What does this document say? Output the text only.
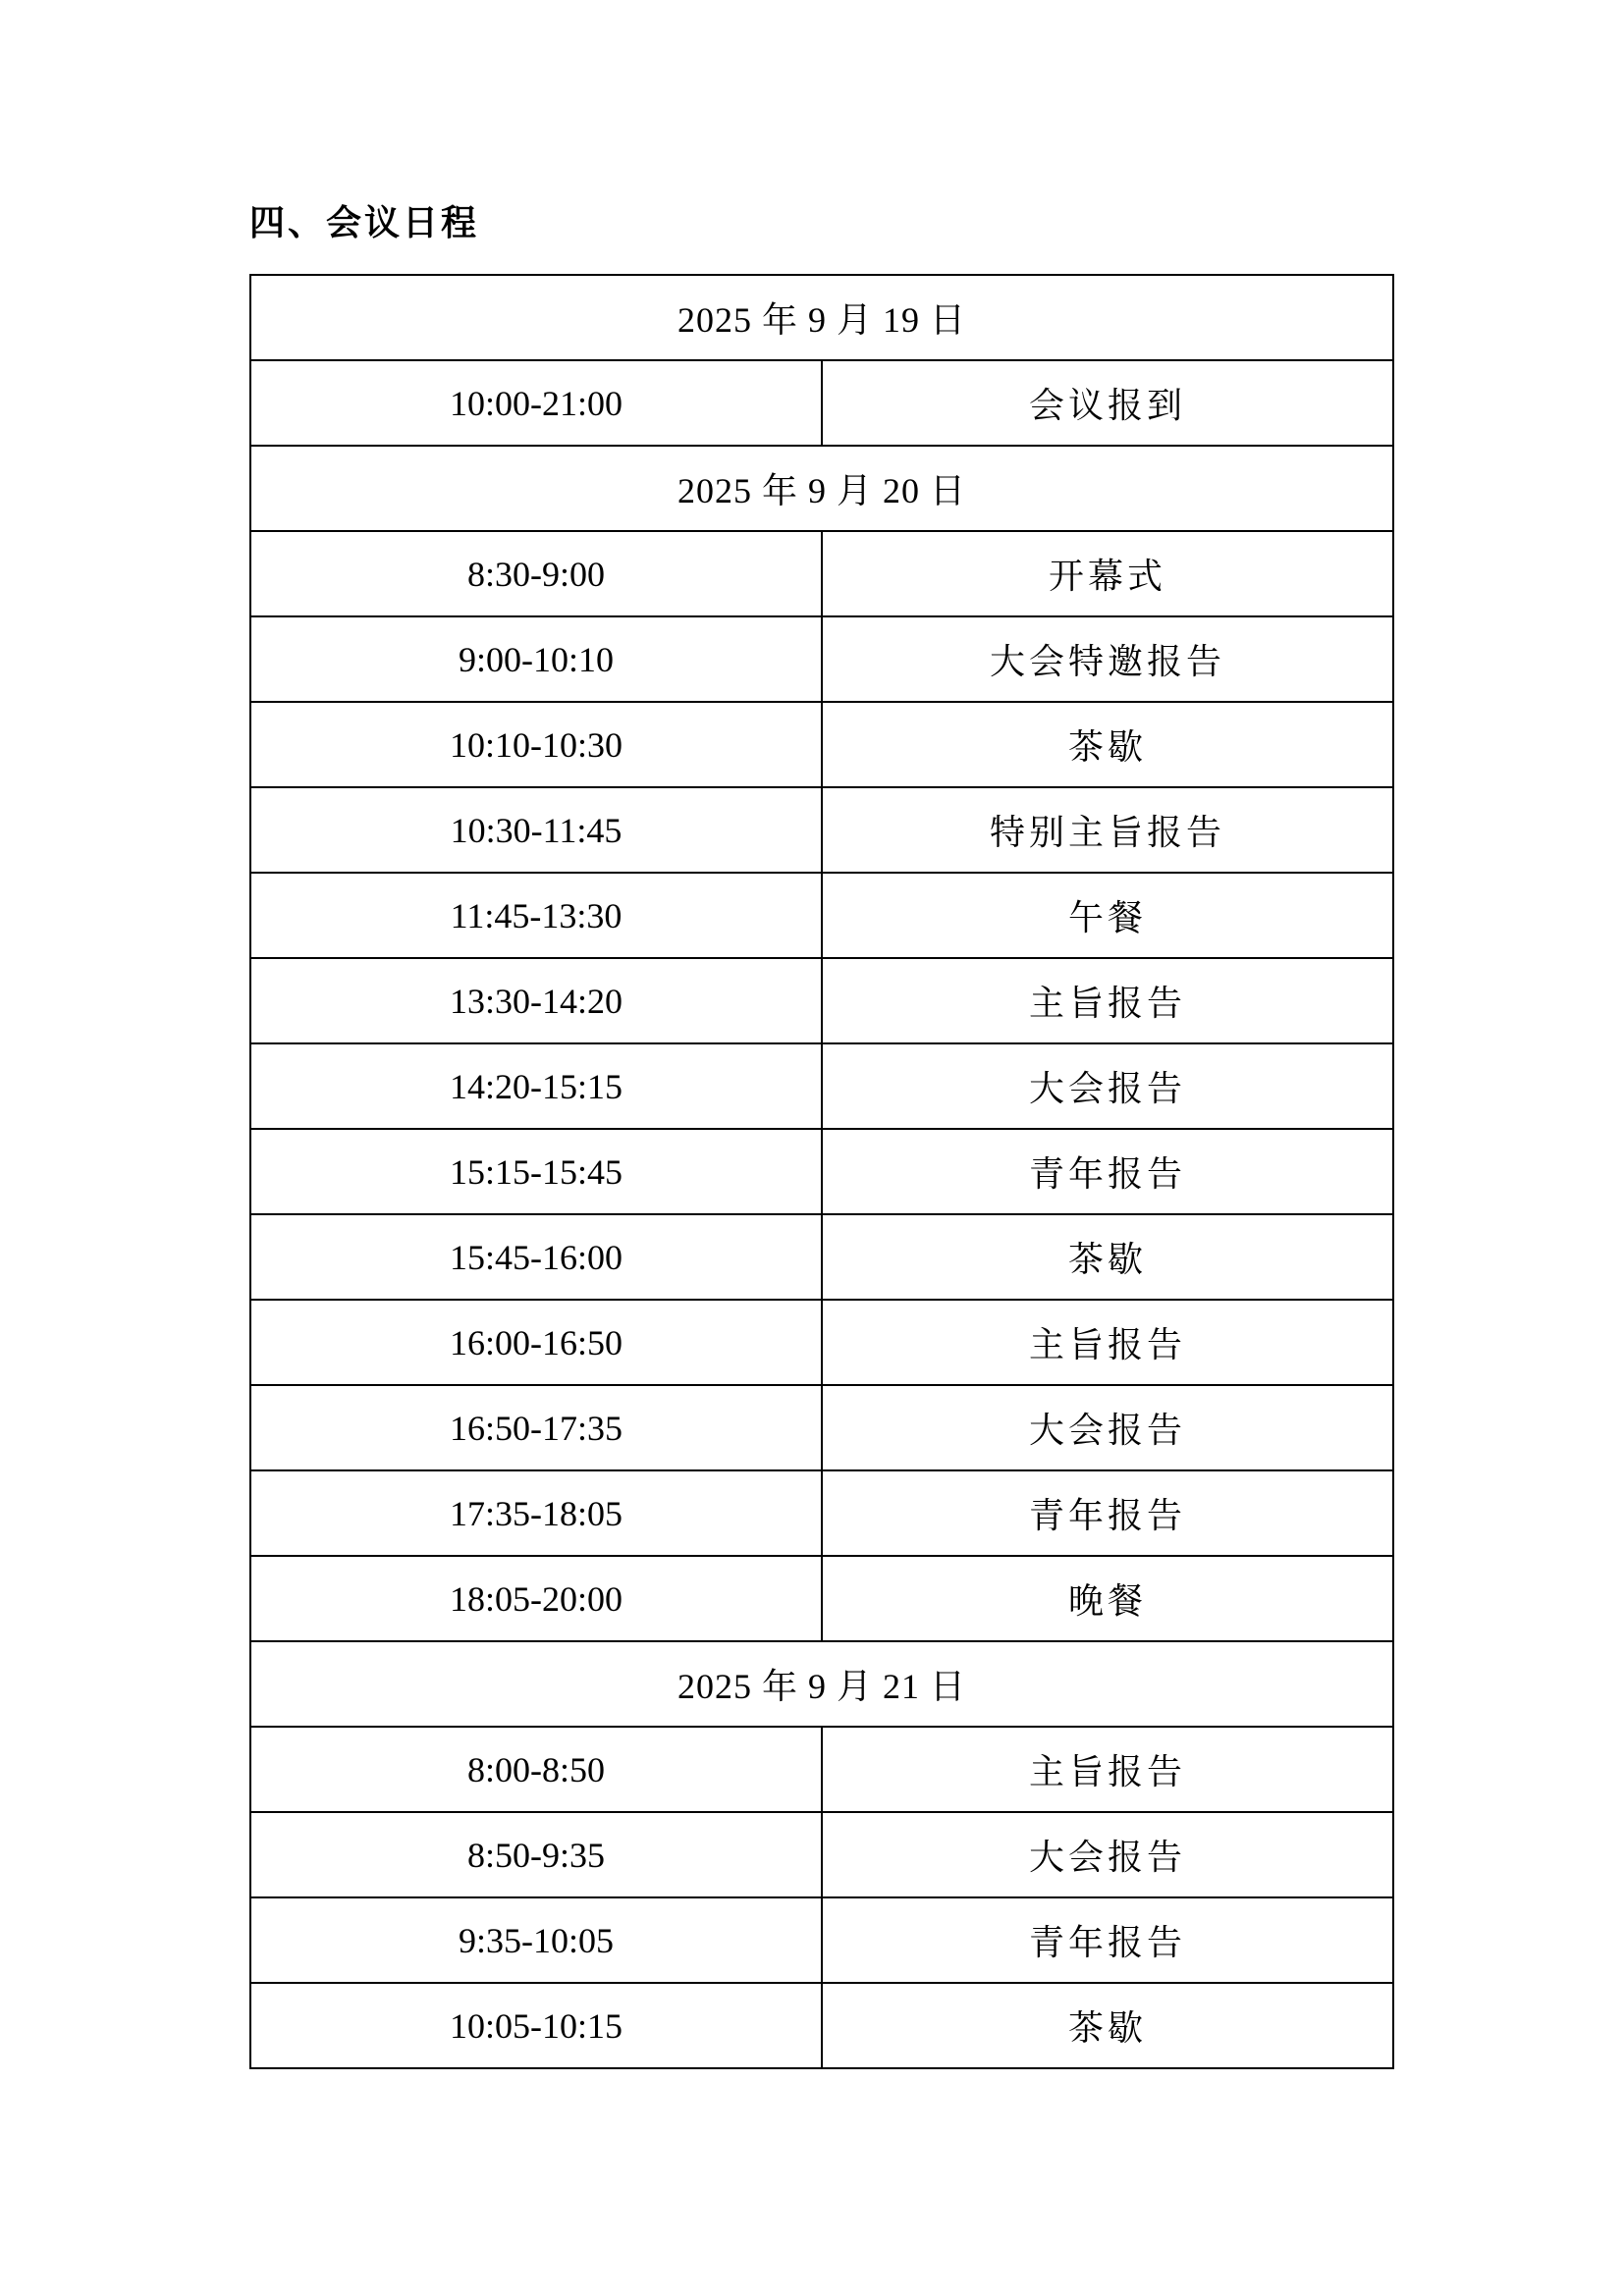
四、会议日程
2025 年 9 月 19 日	
10:00-21:00	会议报到
2025 年 9 月 20 日	
8:30-9:00	开幕式
9:00-10:10	大会特邀报告
10:10-10:30	茶歇
10:30-11:45	特别主旨报告
11:45-13:30	午餐
13:30-14:20	主旨报告
14:20-15:15	大会报告
15:15-15:45	青年报告
15:45-16:00	茶歇
16:00-16:50	主旨报告
16:50-17:35	大会报告
17:35-18:05	青年报告
18:05-20:00	晚餐
2025 年 9 月 21 日	
8:00-8:50	主旨报告
8:50-9:35	大会报告
9:35-10:05	青年报告
10:05-10:15	茶歇
